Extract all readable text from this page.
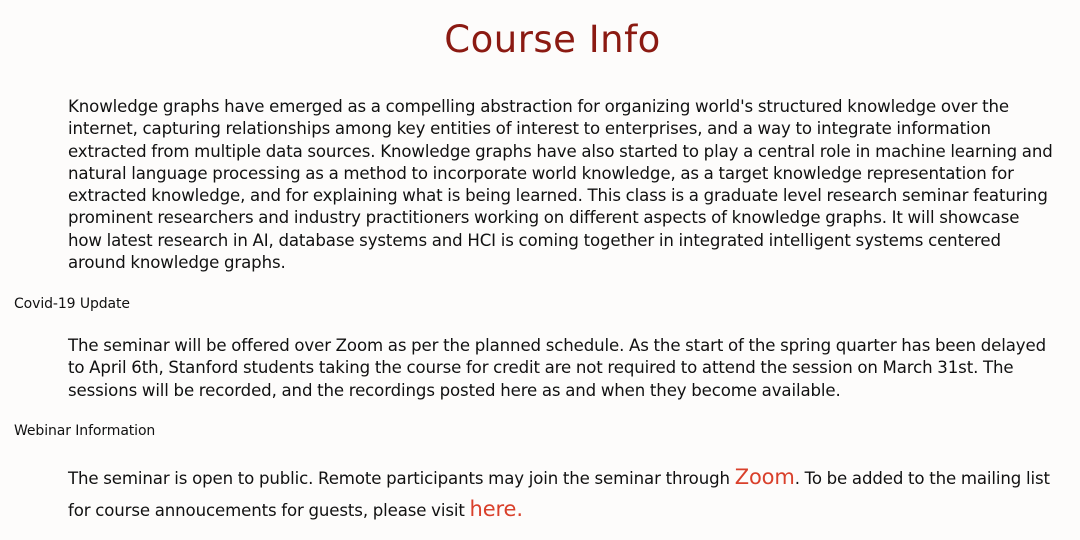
Course Info

Knowledge graphs have emerged as a compelling abstraction for organizing world's structured knowledge over the internet, capturing relationships among key entities of interest to enterprises, and a way to integrate information extracted from multiple data sources. Knowledge graphs have also started to play a central role in machine learning and natural language processing as a method to incorporate world knowledge, as a target knowledge representation for extracted knowledge, and for explaining what is being learned. This class is a graduate level research seminar featuring prominent researchers and industry practitioners working on different aspects of knowledge graphs. It will showcase how latest research in AI, database systems and HCI is coming together in integrated intelligent systems centered around knowledge graphs.

Covid-19 Update

The seminar will be offered over Zoom as per the planned schedule. As the start of the spring quarter has been delayed to April 6th, Stanford students taking the course for credit are not required to attend the session on March 31st. The sessions will be recorded, and the recordings posted here as and when they become available.

Webinar Information

The seminar is open to public. Remote participants may join the seminar through Zoom. To be added to the mailing list for course annoucements for guests, please visit here.
